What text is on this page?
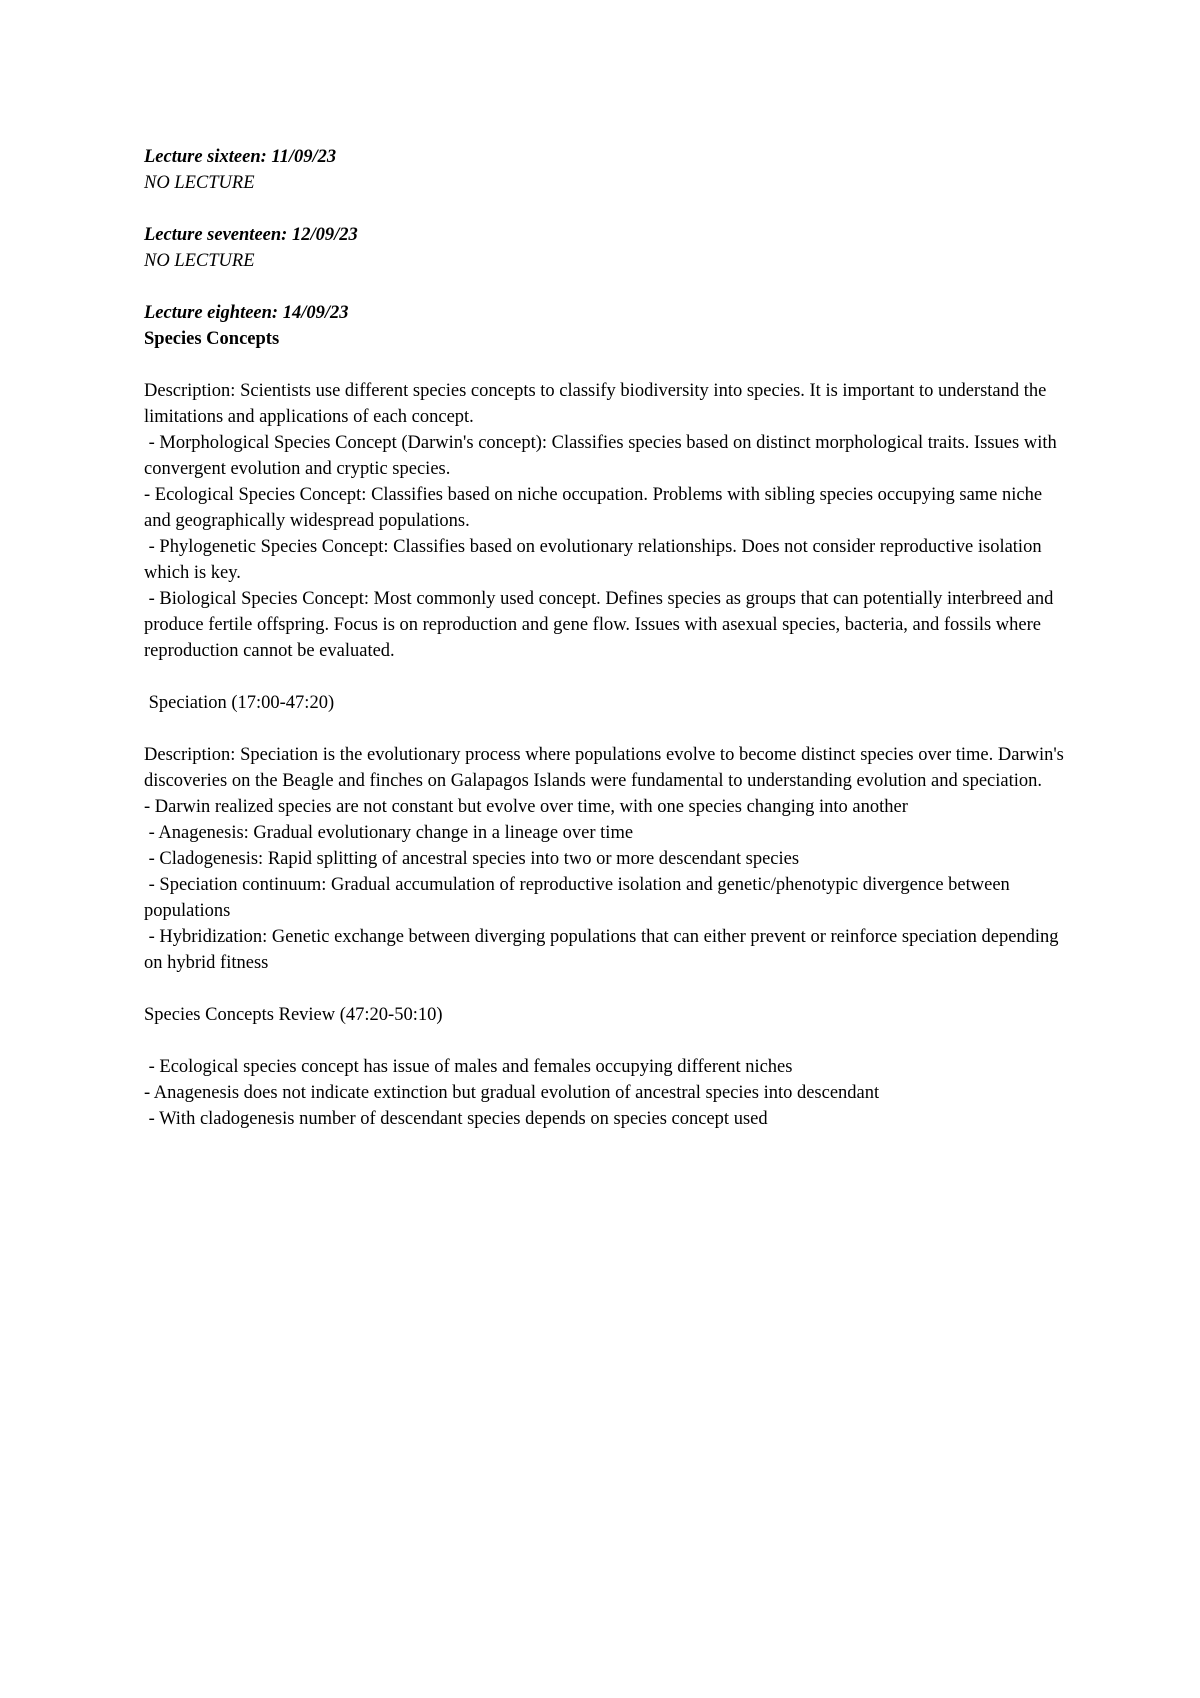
Lecture sixteen: 11/09/23
NO LECTURE
Lecture seventeen: 12/09/23
NO LECTURE
Lecture eighteen: 14/09/23
Species Concepts
Description: Scientists use different species concepts to classify biodiversity into species. It is important to understand the limitations and applications of each concept.
- Morphological Species Concept (Darwin's concept): Classifies species based on distinct morphological traits. Issues with convergent evolution and cryptic species.
- Ecological Species Concept: Classifies based on niche occupation. Problems with sibling species occupying same niche and geographically widespread populations.
- Phylogenetic Species Concept: Classifies based on evolutionary relationships. Does not consider reproductive isolation which is key.
- Biological Species Concept: Most commonly used concept. Defines species as groups that can potentially interbreed and produce fertile offspring. Focus is on reproduction and gene flow. Issues with asexual species, bacteria, and fossils where reproduction cannot be evaluated.
Speciation (17:00-47:20)
Description: Speciation is the evolutionary process where populations evolve to become distinct species over time. Darwin's discoveries on the Beagle and finches on Galapagos Islands were fundamental to understanding evolution and speciation.
- Darwin realized species are not constant but evolve over time, with one species changing into another
- Anagenesis: Gradual evolutionary change in a lineage over time
- Cladogenesis: Rapid splitting of ancestral species into two or more descendant species
- Speciation continuum: Gradual accumulation of reproductive isolation and genetic/phenotypic divergence between populations
- Hybridization: Genetic exchange between diverging populations that can either prevent or reinforce speciation depending on hybrid fitness
Species Concepts Review (47:20-50:10)
- Ecological species concept has issue of males and females occupying different niches
- Anagenesis does not indicate extinction but gradual evolution of ancestral species into descendant
- With cladogenesis number of descendant species depends on species concept used
